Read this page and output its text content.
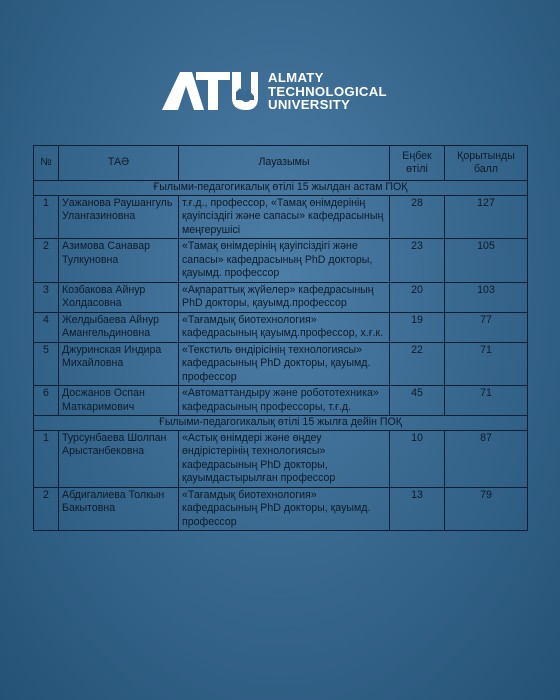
ALMATY
TECHNOLOGICAL
UNIVERSITY
№	ТАӘ	Лауазымы	Еңбек өтілі	Қорытынды балл
Ғылыми-педагогикалық өтілі 15 жылдан астам ПОҚ				
1	Уажанова Раушангуль Улангазиновна	т.ғ.д., профессор, «Тамақ өнімдерінің қауіпсіздігі және сапасы» кафедрасының меңгерушісі	28	127
2	Азимова Санавар Тулкуновна	«Тамақ өнімдерінің қауіпсіздігі және сапасы» кафедрасының PhD докторы, қауымд. профессор	23	105
3	Козбакова Айнур Холдасовна	«Ақпараттық жүйелер» кафедрасының PhD докторы, қауымд.профессор	20	103
4	Желдыбаева Айнур Амангельдиновна	«Тағамдық биотехнология» кафедрасының қауымд.профессор, х.ғ.к.	19	77
5	Джуринская Индира Михайловна	«Текстиль өндірісінің технологиясы» кафедрасының PhD докторы, қауымд. профессор	22	71
6	Досжанов Оспан Маткаримович	«Автоматтандыру және робототехника» кафедрасының профессоры, т.ғ.д.	45	71
Ғылыми-педагогикалық өтілі 15 жылға дейін ПОҚ				
1	Турсунбаева Шолпан Арыстанбековна	«Астық өнімдері және өңдеу өндірістерінің технологиясы» кафедрасының PhD докторы, қауымдастырылған профессор	10	87
2	Абдигалиева Толкын Бакытовна	«Тағамдық биотехнология» кафедрасының PhD докторы, қауымд. профессор	13	79
